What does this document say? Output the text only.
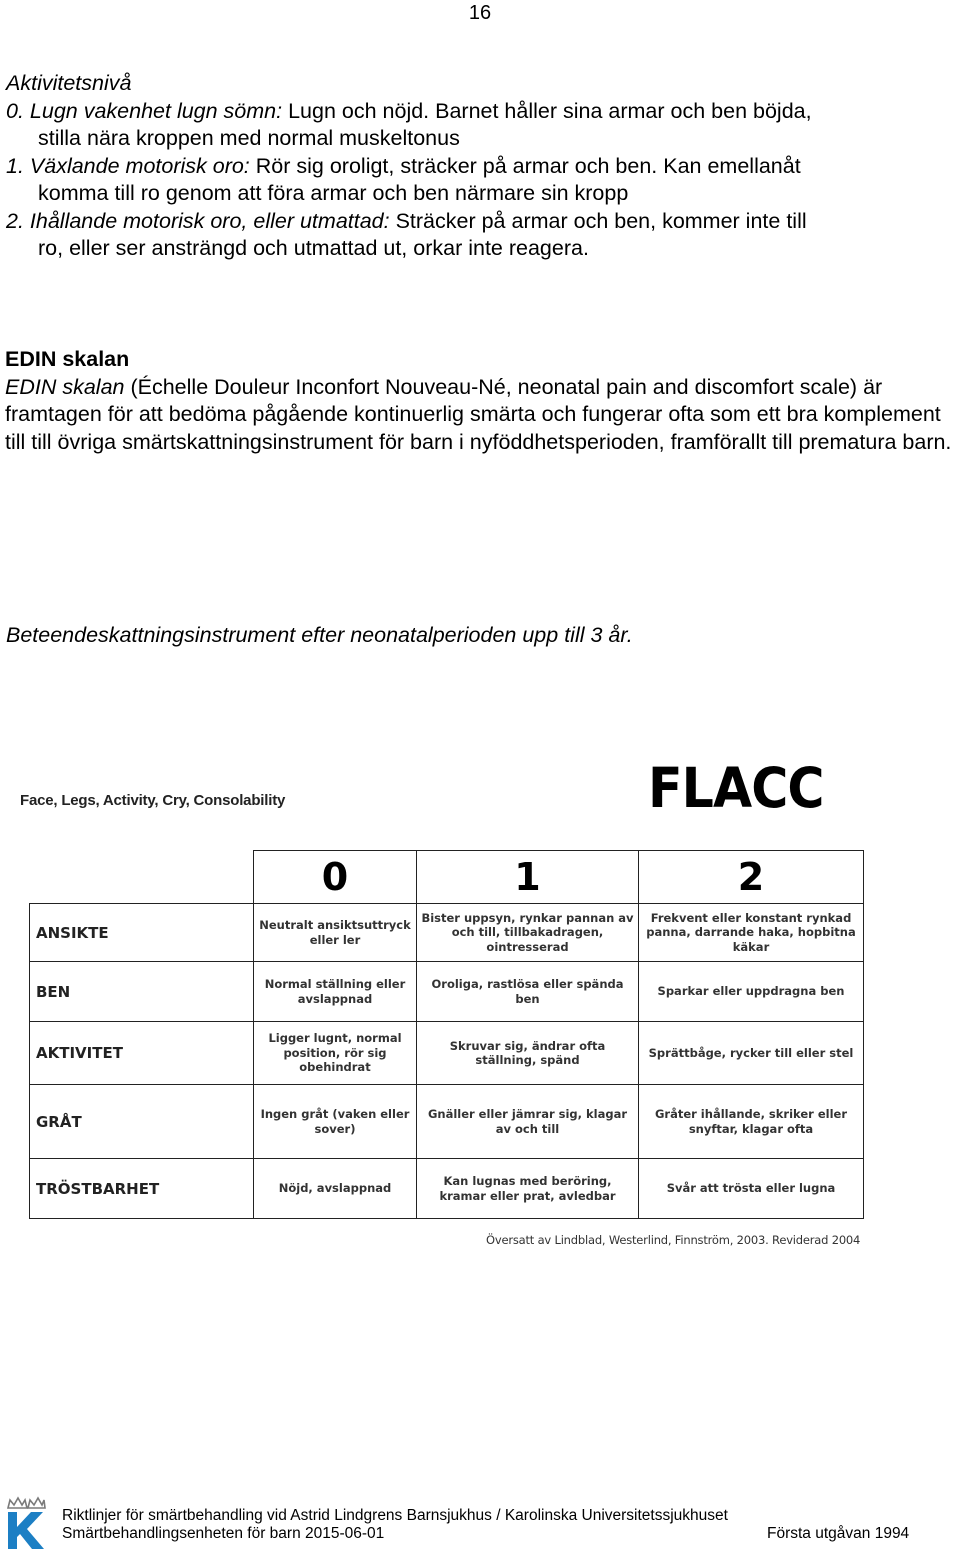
16
Aktivitetsnivå
0. Lugn vakenhet lugn sömn: Lugn och nöjd. Barnet håller sina armar och ben böjda,
stilla nära kroppen med normal muskeltonus
1. Växlande motorisk oro: Rör sig oroligt, sträcker på armar och ben. Kan emellanåt
komma till ro genom att föra armar och ben närmare sin kropp
2. Ihållande motorisk oro, eller utmattad: Sträcker på armar och ben, kommer inte till
ro, eller ser ansträngd och utmattad ut, orkar inte reagera.
EDIN skalan
EDIN skalan (Échelle Douleur Inconfort Nouveau-Né, neonatal pain and discomfort scale) är framtagen för att bedöma pågående kontinuerlig smärta och fungerar ofta som ett bra komplement till till övriga smärtskattningsinstrument för barn i nyföddhetsperioden, framförallt till prematura barn.
Beteendeskattningsinstrument efter neonatalperioden upp till 3 år.
Face, Legs, Activity, Cry, Consolability	FLACC
	0	1	2
ANSIKTE	Neutralt ansiktsuttryck eller ler	Bister uppsyn, rynkar pannan av och till, tillbakadragen, ointresserad	Frekvent eller konstant rynkad panna, darrande haka, hopbitna käkar
BEN	Normal ställning eller avslappnad	Oroliga, rastlösa eller spända ben	Sparkar eller uppdragna ben
AKTIVITET	Ligger lugnt, normal position, rör sig obehindrat	Skruvar sig, ändrar ofta ställning, spänd	Sprättbåge, rycker till eller stel
GRÅT	Ingen gråt (vaken eller sover)	Gnäller eller jämrar sig, klagar av och till	Gråter ihållande, skriker eller snyftar, klagar ofta
TRÖSTBARHET	Nöjd, avslappnad	Kan lugnas med beröring, kramar eller prat, avledbar	Svår att trösta eller lugna
Översatt av Lindblad, Westerlind, Finnström, 2003. Reviderad 2004
Riktlinjer för smärtbehandling vid Astrid Lindgrens Barnsjukhus / Karolinska Universitetssjukhuset
Smärtbehandlingsenheten för barn 2015-06-01	Första utgåvan 1994
